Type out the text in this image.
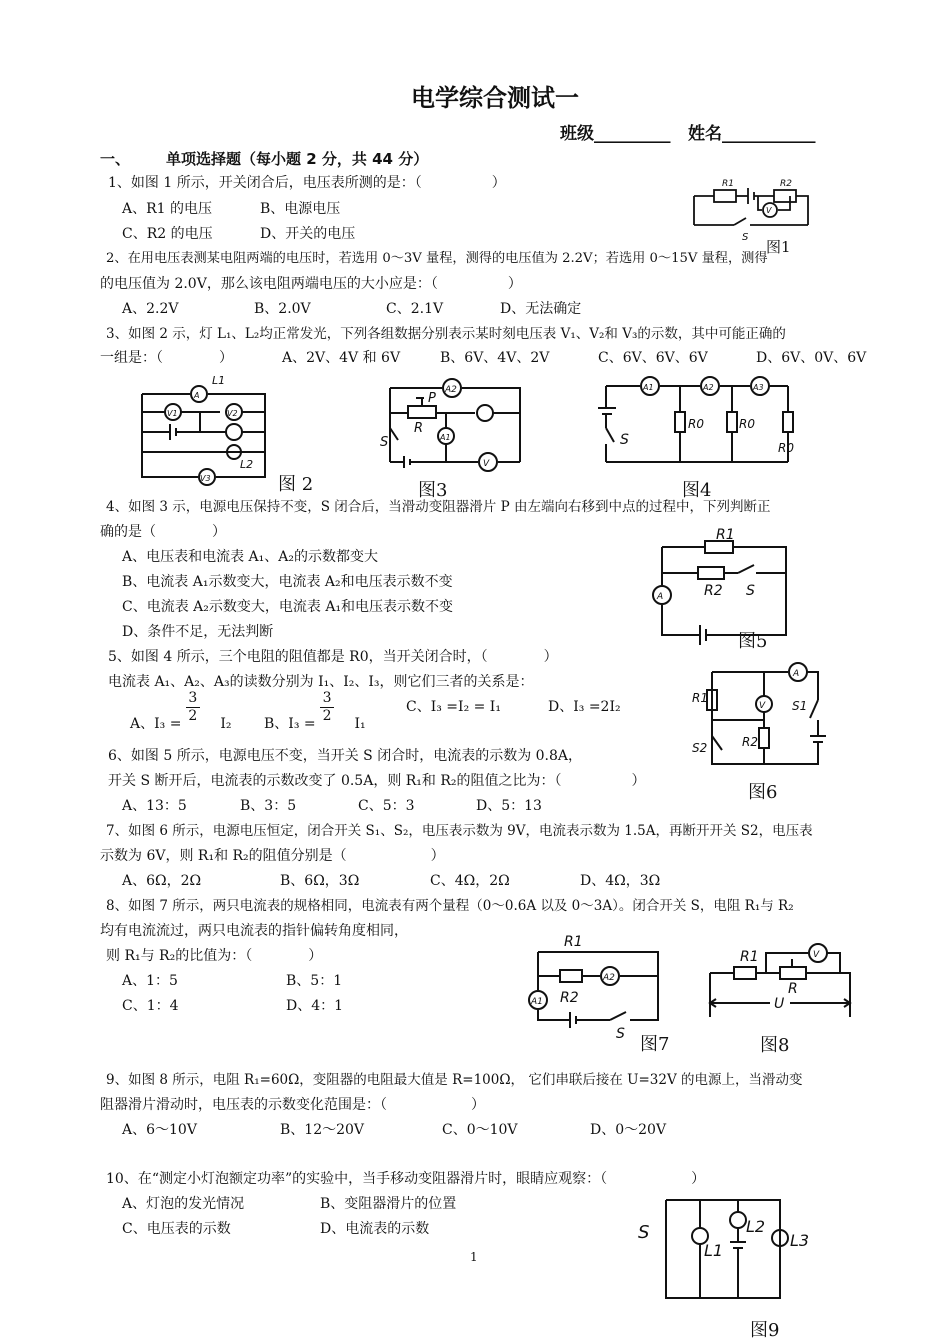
电学综合测试一
班级_________ 姓名___________
一、 单项选择题（每小题 2 分，共 44 分）
1、如图 1 所示，开关闭合后，电压表所测的是：（　　　　　）
A、R1 的电压	B、电源电压
C、R2 的电压	D、开关的电压
2、在用电压表测某电阻两端的电压时，若选用 0～3V 量程，测得的电压值为 2.2V；若选用 0～15V 量程，测得
的电压值为 2.0V，那么该电阻两端电压的大小应是：（　　　　　）
A、2.2V	B、2.0V	C、2.1V	D、无法确定
3、如图 2 示，灯 L₁、L₂均正常发光，下列各组数据分别表示某时刻电压表 V₁、V₂和 V₃的示数，其中可能正确的
一组是：（　　　　）	A、2V、4V 和 6V	B、6V、4V、2V	C、6V、6V、6V	D、6V、0V、6V
A
V1	V2
V3
L1
L2
图 2
A2
A1
V
P
R
S
图3
A1	A2	A3
S
R0	R0
R0
图4
4、如图 3 示，电源电压保持不变，S 闭合后，当滑动变阻器滑片 P 由左端向右移到中点的过程中，下列判断正
确的是（　　　　）
A、电压表和电流表 A₁、A₂的示数都变大
B、电流表 A₁示数变大，电流表 A₂和电压表示数不变
C、电流表 A₂示数变大，电流表 A₁和电压表示数不变
D、条件不足，无法判断
A
R1
R2 S
图5
5、如图 4 所示，三个电阻的阻值都是 R0，当开关闭合时，（　　　　）
电流表 A₁、A₂、A₃的读数分别为 I₁、I₂、I₃，则它们三者的关系是：
A、$I_3 = \frac{3}{2} I_2$ B、$I_3 = \frac{3}{2} I_1$
C、I₃ =I₂ = I₁	D、I₃ =2I₂
A
V
R1
R2
S1
S2
图6
6、如图 5 所示，电源电压不变，当开关 S 闭合时，电流表的示数为 0.8A，
开关 S 断开后，电流表的示数改变了 0.5A，则 R₁和 R₂的阻值之比为：（　　　　　）
A、13：5	B、3：5	C、5：3	D、5：13
7、如图 6 所示，电源电压恒定，闭合开关 S₁、S₂，电压表示数为 9V，电流表示数为 1.5A，再断开开关 S2，电压表
示数为 6V，则 R₁和 R₂的阻值分别是（　　　　　　）
A、6Ω，2Ω	B、6Ω，3Ω	C、4Ω，2Ω	D、4Ω，3Ω
8、如图 7 所示，两只电流表的规格相同，电流表有两个量程（0～0.6A 以及 0～3A）。闭合开关 S，电阻 R₁与 R₂
均有电流流过，两只电流表的指针偏转角度相同，
则 R₁与 R₂的比值为：（　　　　）
A、1：5	B、5：1
C、1：4	D、4：1	A1
A2
R1
R2
S 图7
V
R1
R
U
图8
9、如图 8 所示，电阻 R₁=60Ω，变阻器的电阻最大值是 R=100Ω， 它们串联后接在 U=32V 的电源上，当滑动变
阻器滑片滑动时，电压表的示数变化范围是：（　　　　　　）
A、6～10V	B、12～20V	C、0～10V	D、0～20V
10、在“测定小灯泡额定功率”的实验中，当手移动变阻器滑片时，眼睛应观察：（　　　　　　）
A、灯泡的发光情况	B、变阻器滑片的位置
C、电压表的示数	D、电流表的示数	S
L1
L2
L3
图9
R1	R2
V
S
图1
1
